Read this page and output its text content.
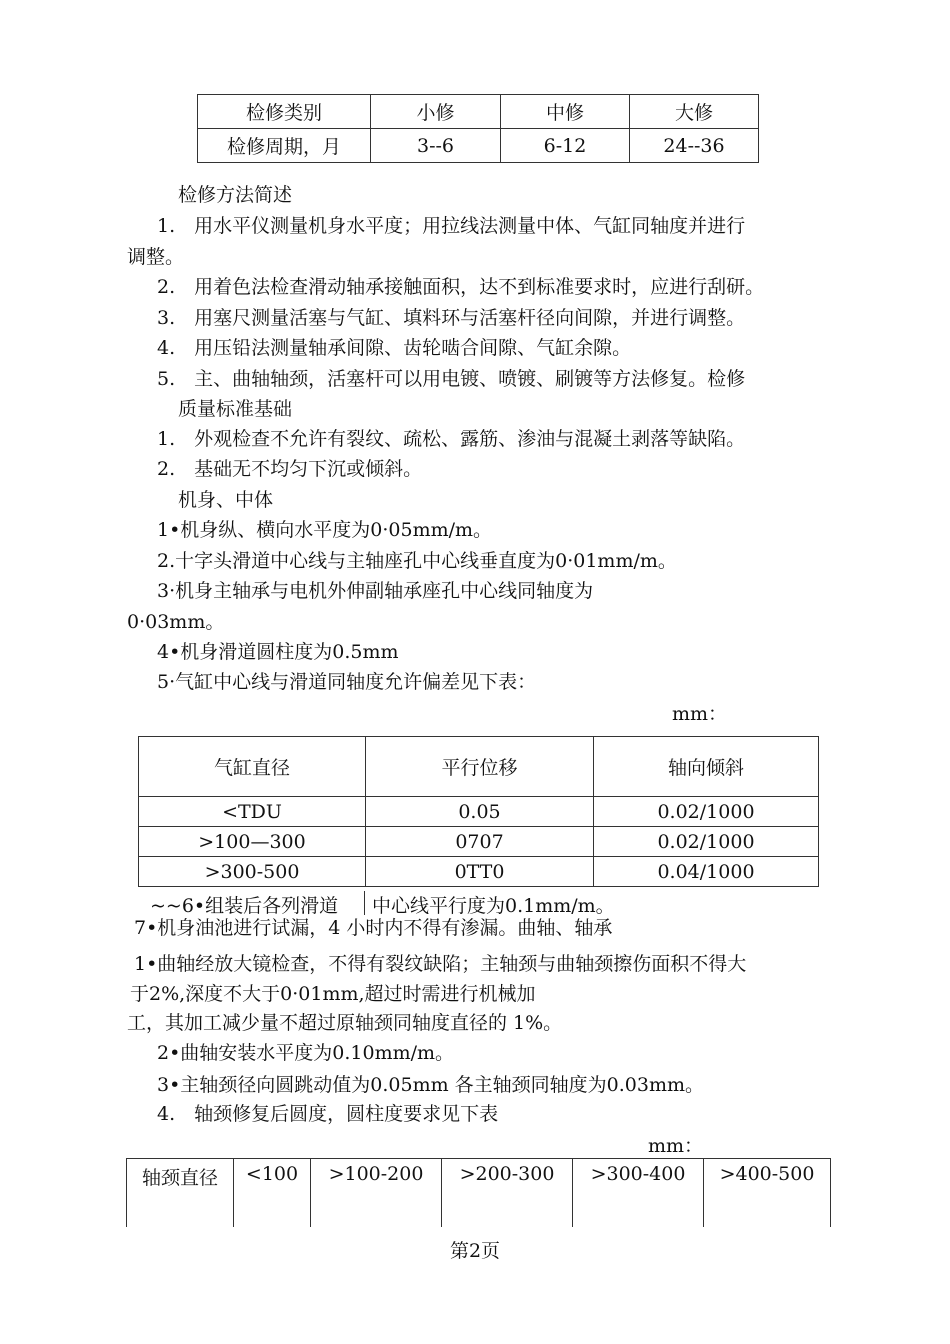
检修类别	小修	中修	大修
检修周期，月	3--6	6-12	24--36
检修方法简述
1.　用水平仪测量机身水平度；用拉线法测量中体、气缸同轴度并进行
调整。
2.　用着色法检查滑动轴承接触面积，达不到标准要求时，应进行刮研。
3.　用塞尺测量活塞与气缸、填料环与活塞杆径向间隙，并进行调整。
4.　用压铅法测量轴承间隙、齿轮啮合间隙、气缸余隙。
5.　主、曲轴轴颈，活塞杆可以用电镀、喷镀、刷镀等方法修复。检修
质量标准基础
1.　外观检查不允许有裂纹、疏松、露筋、渗油与混凝土剥落等缺陷。
2.　基础无不均匀下沉或倾斜。
机身、中体
1•机身纵、横向水平度为0·05mm/m。
2.十字头滑道中心线与主轴座孔中心线垂直度为0·01mm/m。
3·机身主轴承与电机外伸副轴承座孔中心线同轴度为
0·03mm。
4•机身滑道圆柱度为0.5mm
5·气缸中心线与滑道同轴度允许偏差见下表：
mm：
气缸直径	平行位移	轴向倾斜
<TDU	0.05	0.02/1000
>100—300	0707	0.02/1000
>300-500	0TT0	0.04/1000
~~6•组装后各列滑道 中心线平行度为0.1mm/m。
7•机身油池进行试漏，4 小时内不得有渗漏。曲轴、轴承
1•曲轴经放大镜检查，不得有裂纹缺陷；主轴颈与曲轴颈擦伤面积不得大
于2%,深度不大于0·01mm,超过时需进行机械加
工，其加工减少量不超过原轴颈同轴度直径的 1%。
2•曲轴安装水平度为0.10mm/m。
3•主轴颈径向圆跳动值为0.05mm 各主轴颈同轴度为0.03mm。
4.　轴颈修复后圆度，圆柱度要求见下表
mm：
轴颈直径	<100	>100-200	>200-300	>300-400	>400-500
第2页
